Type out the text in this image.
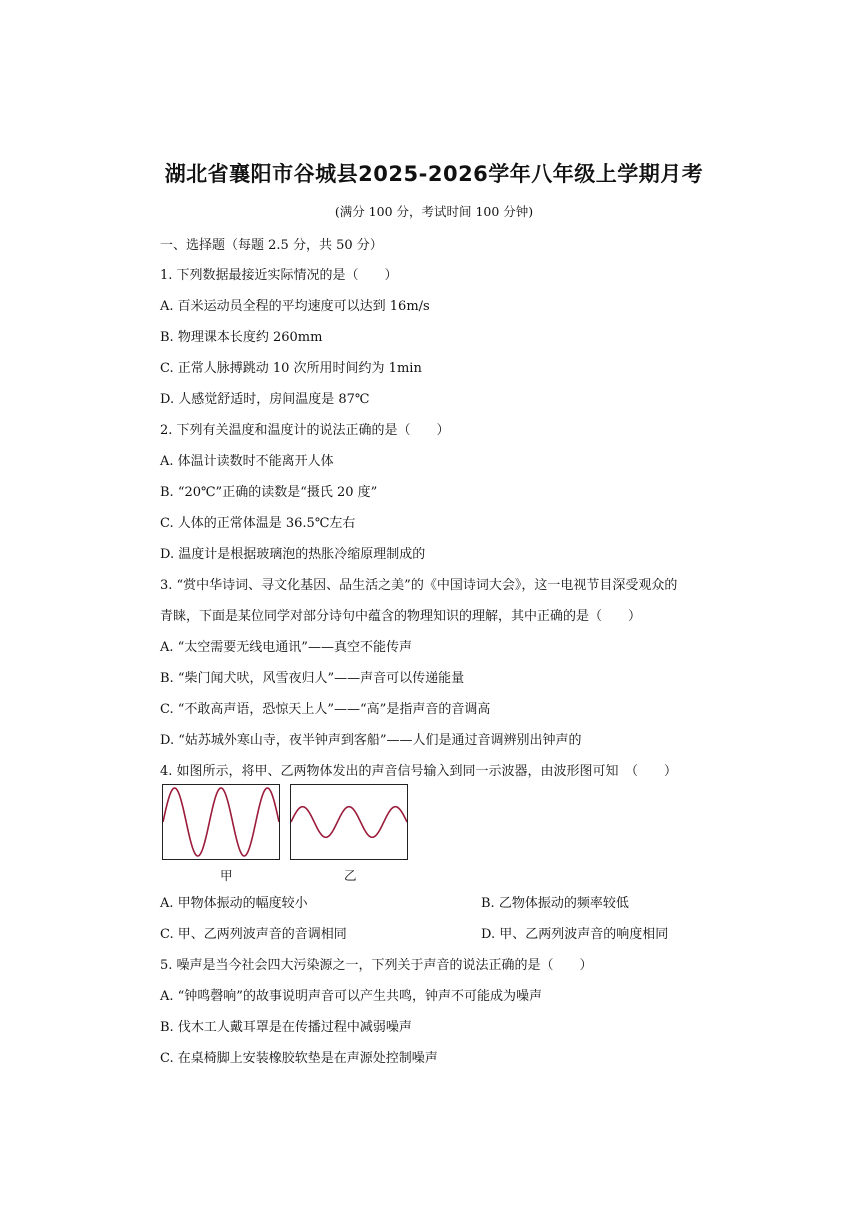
湖北省襄阳市谷城县2025-2026学年八年级上学期月考
(满分 100 分，考试时间 100 分钟)
一、选择题（每题 2.5 分，共 50 分）
1. 下列数据最接近实际情况的是（　　）
A. 百米运动员全程的平均速度可以达到 16m/s
B. 物理课本长度约 260mm
C. 正常人脉搏跳动 10 次所用时间约为 1min
D. 人感觉舒适时，房间温度是 87℃
2. 下列有关温度和温度计的说法正确的是（　　）
A. 体温计读数时不能离开人体
B. “20℃”正确的读数是“摄氏 20 度”
C. 人体的正常体温是 36.5℃左右
D. 温度计是根据玻璃泡的热胀冷缩原理制成的
3. “赏中华诗词、寻文化基因、品生活之美”的《中国诗词大会》，这一电视节目深受观众的
青睐，下面是某位同学对部分诗句中蕴含的物理知识的理解，其中正确的是（　　）
A. “太空需要无线电通讯”——真空不能传声
B. “柴门闻犬吠，风雪夜归人”——声音可以传递能量
C. “不敢高声语，恐惊天上人”——“高”是指声音的音调高
D. “姑苏城外寒山寺，夜半钟声到客船”——人们是通过音调辨别出钟声的
4. 如图所示，将甲、乙两物体发出的声音信号输入到同一示波器，由波形图可知　（　　）
甲	乙
A. 甲物体振动的幅度较小	B. 乙物体振动的频率较低
C. 甲、乙两列波声音的音调相同	D. 甲、乙两列波声音的响度相同
5. 噪声是当今社会四大污染源之一，下列关于声音的说法正确的是（　　）
A. “钟鸣磬响”的故事说明声音可以产生共鸣，钟声不可能成为噪声
B. 伐木工人戴耳罩是在传播过程中减弱噪声
C. 在桌椅脚上安装橡胶软垫是在声源处控制噪声
